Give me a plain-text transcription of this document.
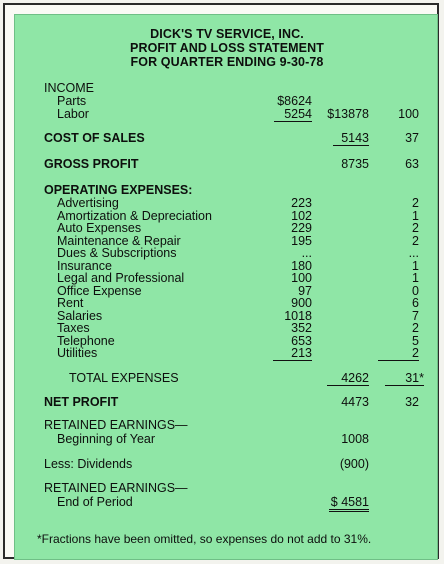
DICK'S TV SERVICE, INC.
PROFIT AND LOSS STATEMENT
FOR QUARTER ENDING 9-30-78
INCOME
Parts	$8624
Labor	5254 $13878 100
COST OF SALES	5143	37
GROSS PROFIT	8735	63
OPERATING EXPENSES:
Advertising	223	2
Amortization & Depreciation	102	1
Auto Expenses	229	2
Maintenance & Repair	195	2
Dues & Subscriptions	...	...
Insurance	180	1
Legal and Professional	100	1
Office Expense	97	0
Rent	900	6
Salaries	1018	7
Taxes	352	2
Telephone	653	5
Utilities	213	2
TOTAL EXPENSES	4262	31*
NET PROFIT	4473	32
RETAINED EARNINGS—
Beginning of Year	1008
Less: Dividends	(900)
RETAINED EARNINGS—
End of Period	$ 4581
*Fractions have been omitted, so expenses do not add to 31%.
